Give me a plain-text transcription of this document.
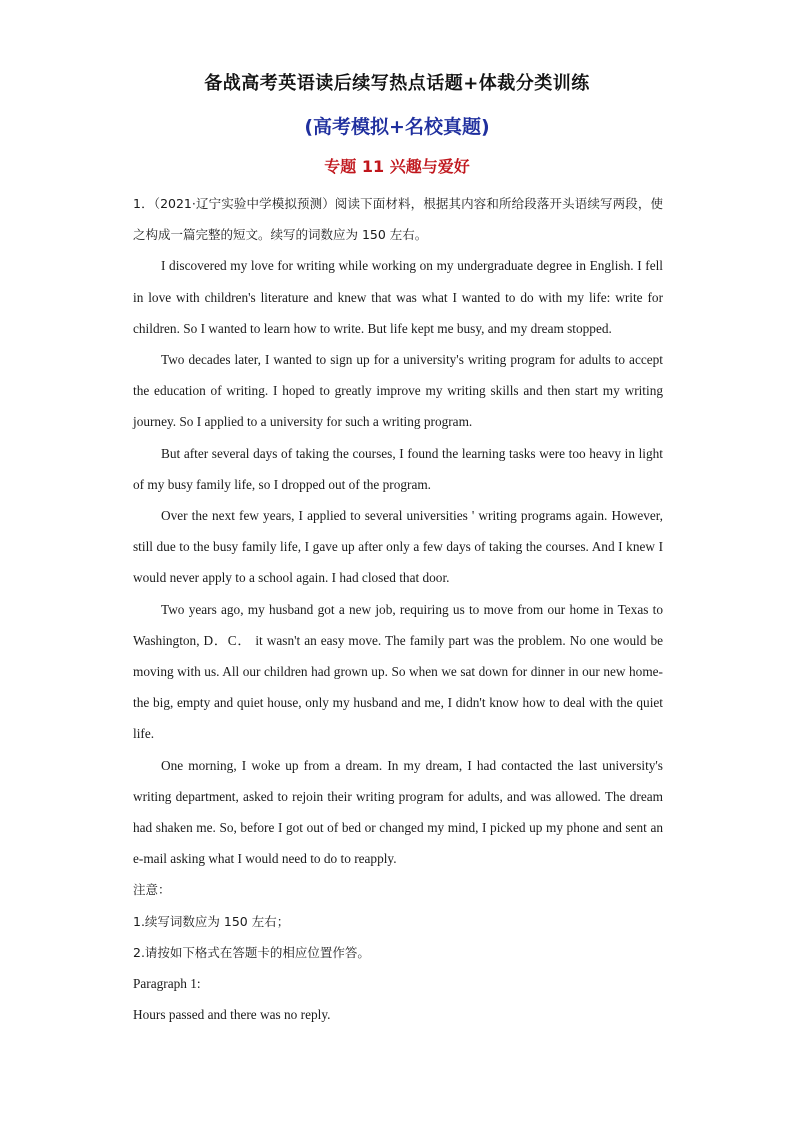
备战高考英语读后续写热点话题+体裁分类训练
(高考模拟+名校真题)
专题 11 兴趣与爱好

1．（2021·辽宁实验中学模拟预测）阅读下面材料，根据其内容和所给段落开头语续写两段，使之构成一篇完整的短文。续写的词数应为 150 左右。

I discovered my love for writing while working on my undergraduate degree in English. I fell in love with children's literature and knew that was what I wanted to do with my life: write for children. So I wanted to learn how to write. But life kept me busy, and my dream stopped.

Two decades later, I wanted to sign up for a university's writing program for adults to accept the education of writing. I hoped to greatly improve my writing skills and then start my writing journey. So I applied to a university for such a writing program.

But after several days of taking the courses, I found the learning tasks were too heavy in light of my busy family life, so I dropped out of the program.

Over the next few years, I applied to several universities ' writing programs again. However, still due to the busy family life, I gave up after only a few days of taking the courses. And I knew I would never apply to a school again. I had closed that door.

Two years ago, my husband got a new job, requiring us to move from our home in Texas to Washington, D．C． it wasn't an easy move. The family part was the problem. No one would be moving with us. All our children had grown up. So when we sat down for dinner in our new home-the big, empty and quiet house, only my husband and me, I didn't know how to deal with the quiet life.

One morning, I woke up from a dream. In my dream, I had contacted the last university's writing department, asked to rejoin their writing program for adults, and was allowed. The dream had shaken me. So, before I got out of bed or changed my mind, I picked up my phone and sent an e-mail asking what I would need to do to reapply.

注意：

1.续写词数应为 150 左右；

2.请按如下格式在答题卡的相应位置作答。

Paragraph 1:

Hours passed and there was no reply.
